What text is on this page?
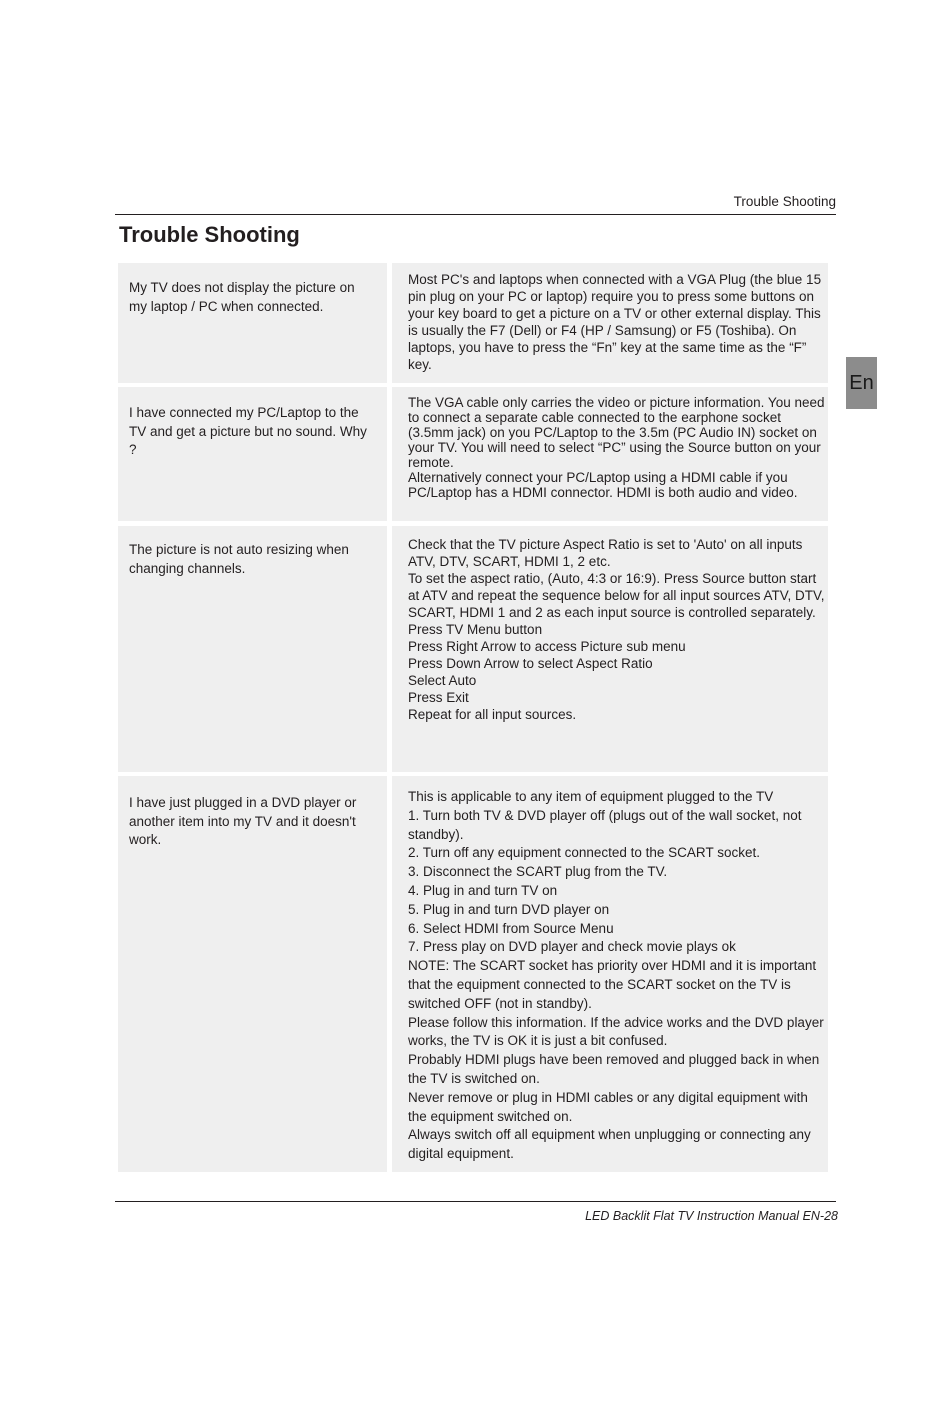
Trouble Shooting
Trouble Shooting
En

My TV does not display the picture on my laptop / PC when connected.

Most PC's and laptops when connected with a VGA Plug (the blue 15 pin plug on your PC or laptop) require you to press some buttons on your key board to get a picture on a TV or other external display. This is usually the F7 (Dell) or F4 (HP / Samsung) or F5 (Toshiba). On laptops, you have to press the “Fn” key at the same time as the “F” key.

I have connected my PC/Laptop to the TV and get a picture but no sound. Why ?

The VGA cable only carries the video or picture information. You need to connect a separate cable connected to the earphone socket (3.5mm jack) on you PC/Laptop to the 3.5m (PC Audio IN) socket on your TV. You will need to select “PC” using the Source button on your remote.

Alternatively connect your PC/Laptop using a HDMI cable if you PC/Laptop has a HDMI connector. HDMI is both audio and video.

The picture is not auto resizing when changing channels.

Check that the TV picture Aspect Ratio is set to 'Auto' on all inputs ATV, DTV, SCART, HDMI 1, 2 etc.

To set the aspect ratio, (Auto, 4:3 or 16:9). Press Source button start at ATV and repeat the sequence below for all input sources ATV, DTV, SCART, HDMI 1 and 2 as each input source is controlled separately.

Press TV Menu button

Press Right Arrow to access Picture sub menu

Press Down Arrow to select Aspect Ratio

Select Auto

Press Exit

Repeat for all input sources.

I have just plugged in a DVD player or another item into my TV and it doesn't work.

This is applicable to any item of equipment plugged to the TV

1. Turn both TV & DVD player off (plugs out of the wall socket, not standby).

2. Turn off any equipment connected to the SCART socket.

3. Disconnect the SCART plug from the TV.

4. Plug in and turn TV on

5. Plug in and turn DVD player on

6. Select HDMI from Source Menu

7. Press play on DVD player and check movie plays ok

NOTE: The SCART socket has priority over HDMI and it is important that the equipment connected to the SCART socket on the TV is switched OFF (not in standby).

Please follow this information. If the advice works and the DVD player works, the TV is OK it is just a bit confused.

Probably HDMI plugs have been removed and plugged back in when the TV is switched on.

Never remove or plug in HDMI cables or any digital equipment with the equipment switched on.

Always switch off all equipment when unplugging or connecting any digital equipment.

LED Backlit Flat TV Instruction Manual EN-28
